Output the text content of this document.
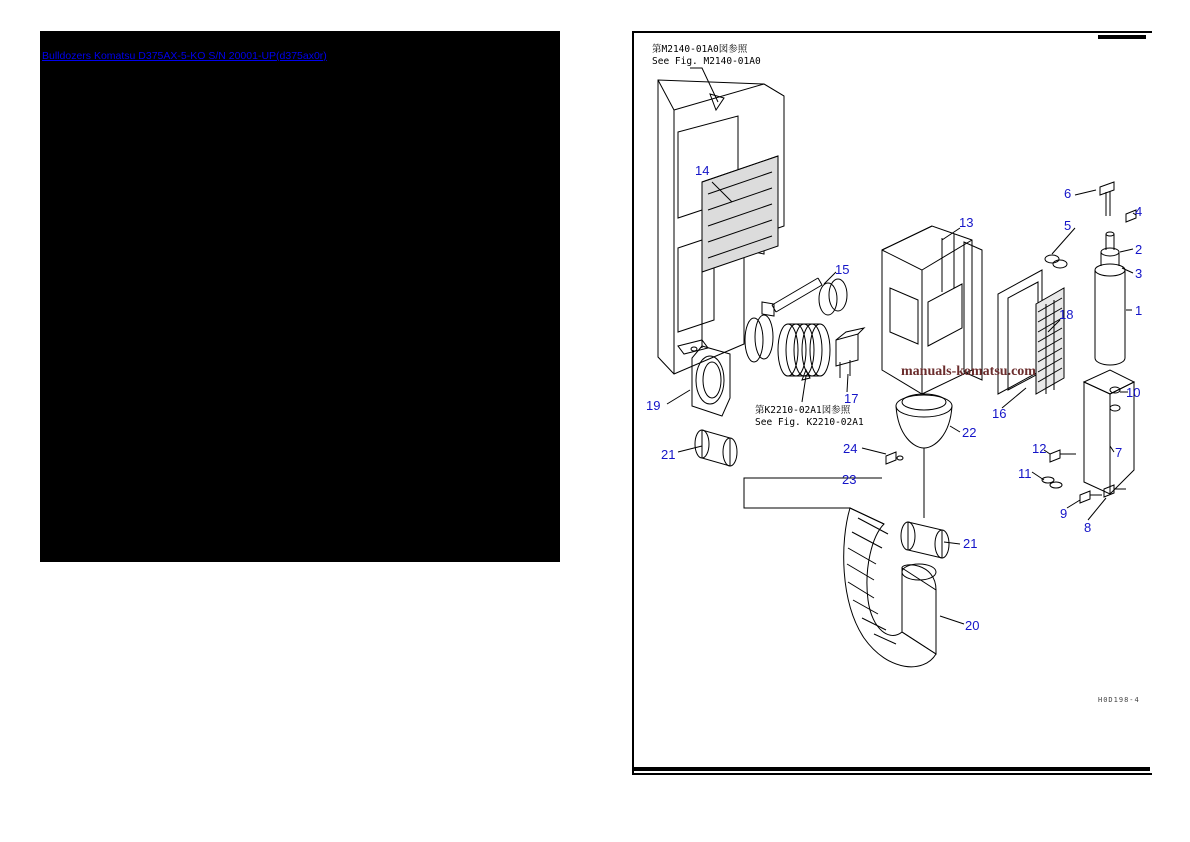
Bulldozers Komatsu D375AX-5-KO S/N 20001-UP(d375ax0r)
1
2
3
4
5
6
7
8
9
10
11
12
13
14
15
16
17
18
19
20
21
21
22
23
24
第M2140-01A0図参照
See Fig. M2140-01A0
第K2210-02A1図参照
See Fig. K2210-02A1
manuals-komatsu.com
H0D198-4
